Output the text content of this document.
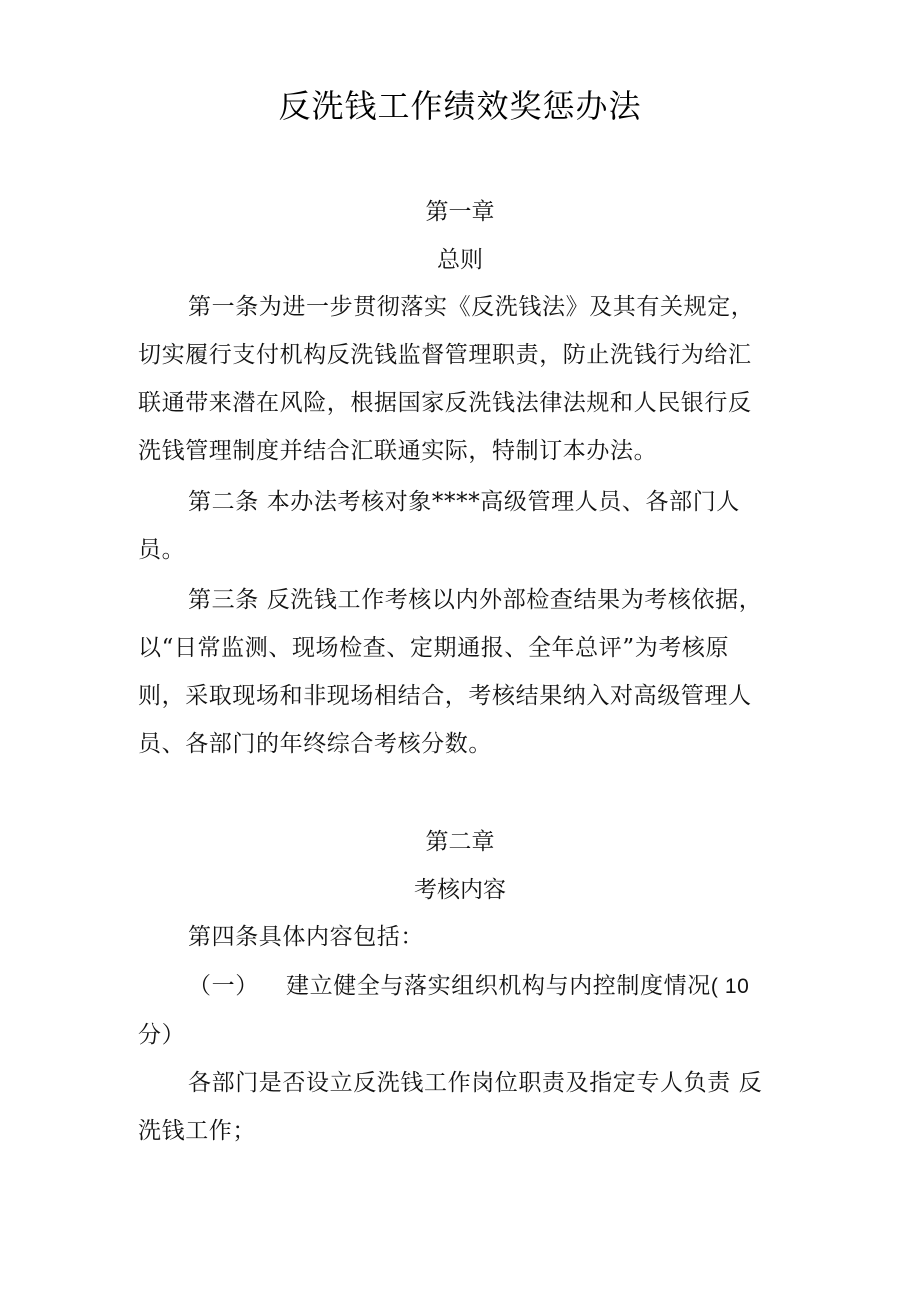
反洗钱工作绩效奖惩办法
第一章
总则
第一条为进一步贯彻落实《反洗钱法》及其有关规定，
切实履行支付机构反洗钱监督管理职责，防止洗钱行为给汇
联通带来潜在风险，根据国家反洗钱法律法规和人民银行反
洗钱管理制度并结合汇联通实际，特制订本办法。
第二条 本办法考核对象****高级管理人员、各部门人
员。
第三条 反洗钱工作考核以内外部检查结果为考核依据，
以“日常监测、现场检查、定期通报、全年总评”为考核原
则，采取现场和非现场相结合，考核结果纳入对高级管理人
员、各部门的年终综合考核分数。
第二章
考核内容
第四条具体内容包括：
（一） 建立健全与落实组织机构与内控制度情况( 10
分）
各部门是否设立反洗钱工作岗位职责及指定专人负责 反
洗钱工作；
